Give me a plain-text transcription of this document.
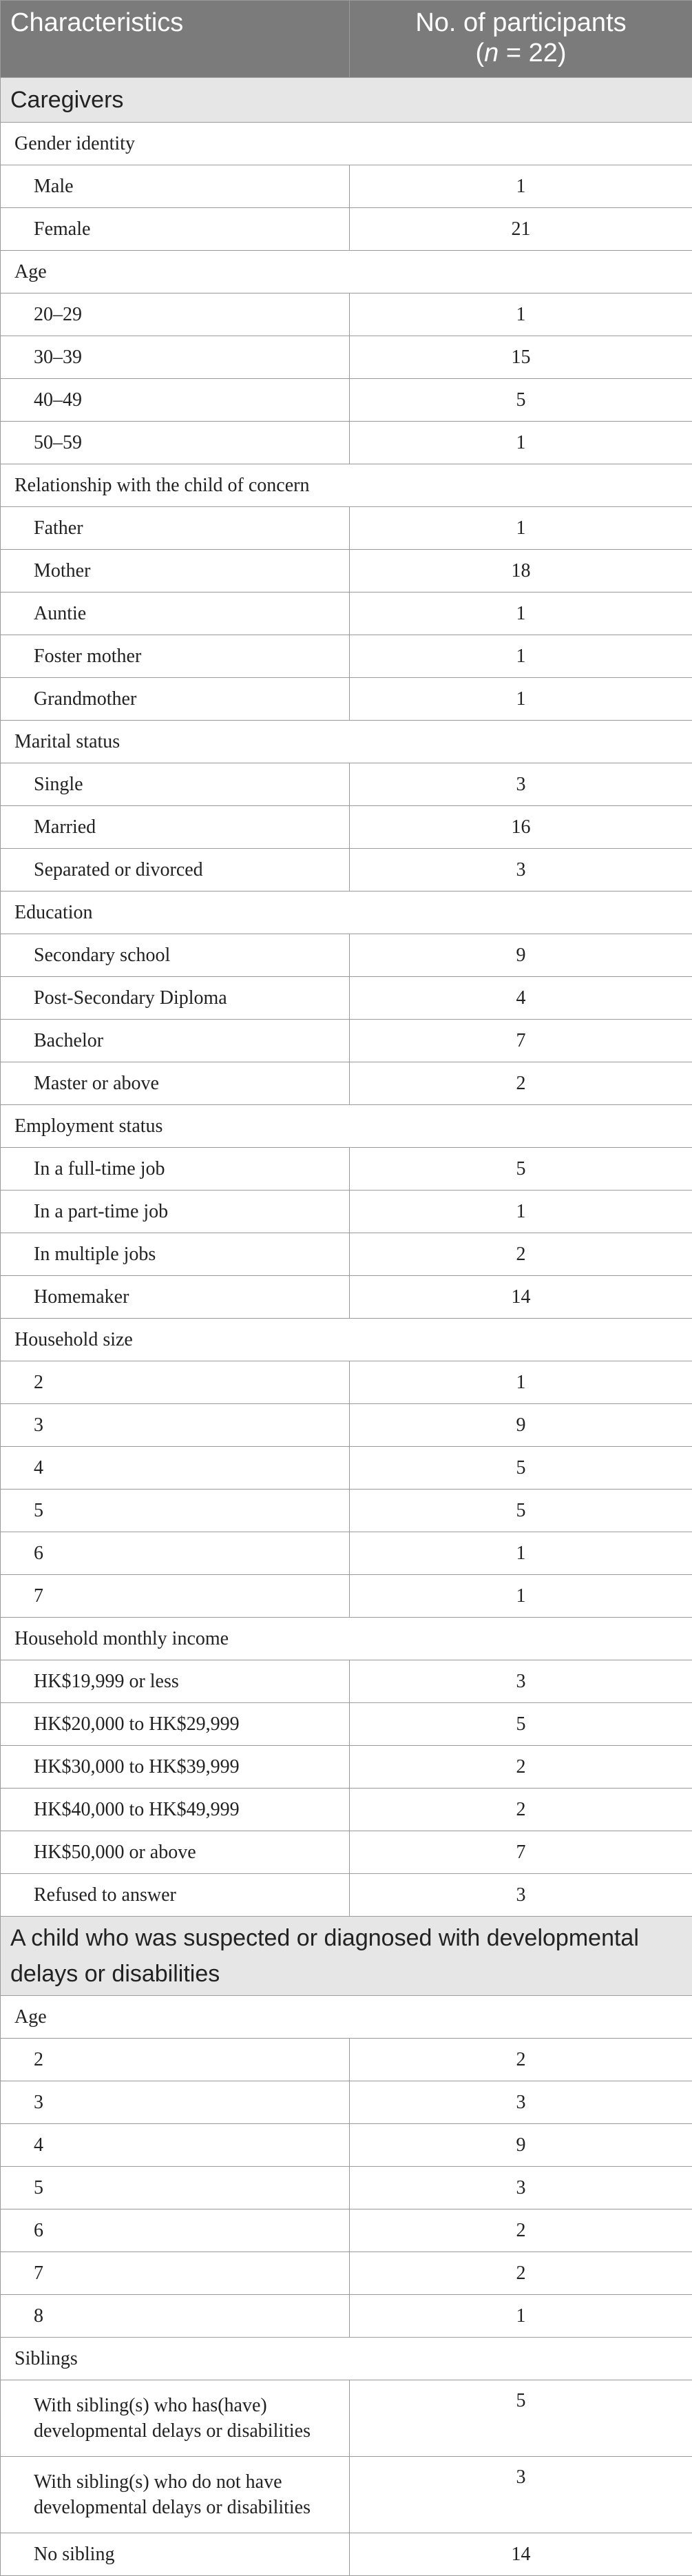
Characteristics	No. of participants
(n = 22)
Caregivers	
Gender identity	
Male	1
Female	21
Age	
20–29	1
30–39	15
40–49	5
50–59	1
Relationship with the child of concern	
Father	1
Mother	18
Auntie	1
Foster mother	1
Grandmother	1
Marital status	
Single	3
Married	16
Separated or divorced	3
Education	
Secondary school	9
Post-Secondary Diploma	4
Bachelor	7
Master or above	2
Employment status	
In a full-time job	5
In a part-time job	1
In multiple jobs	2
Homemaker	14
Household size	
2	1
3	9
4	5
5	5
6	1
7	1
Household monthly income	
HK$19,999 or less	3
HK$20,000 to HK$29,999	5
HK$30,000 to HK$39,999	2
HK$40,000 to HK$49,999	2
HK$50,000 or above	7
Refused to answer	3
A child who was suspected or diagnosed with developmental delays or disabilities	
Age	
2	2
3	3
4	9
5	3
6	2
7	2
8	1
Siblings	
With sibling(s) who has(have) developmental delays or disabilities	5
With sibling(s) who do not have developmental delays or disabilities	3
No sibling	14
